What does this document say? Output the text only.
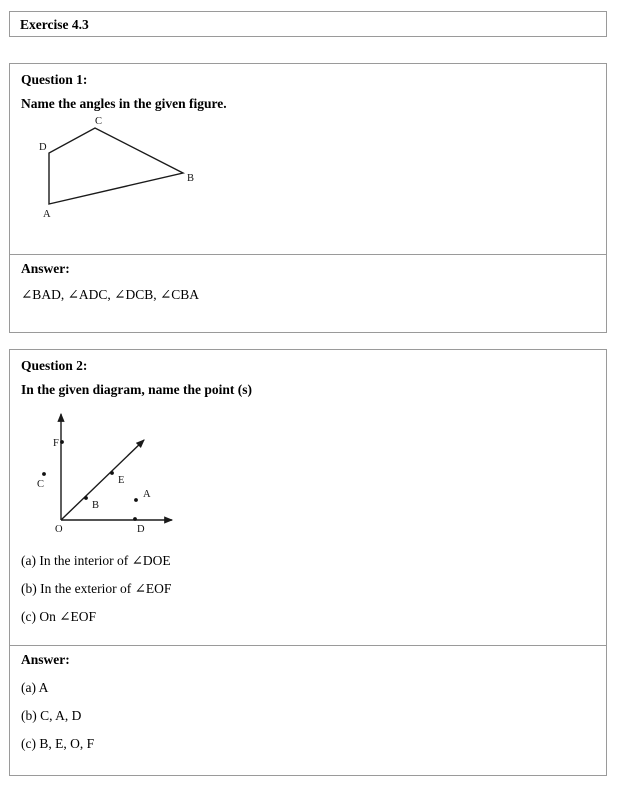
Exercise 4.3
Question 1:
Name the angles in the given figure.
A
B
C
D
Answer:
∠BAD, ∠ADC, ∠DCB, ∠CBA
Question 2:
In the given diagram, name the point (s)
A
B
C
D
E
F
O
(a) In the interior of ∠DOE
(b) In the exterior of ∠EOF
(c) On ∠EOF
Answer:
(a) A
(b) C, A, D
(c) B, E, O, F
